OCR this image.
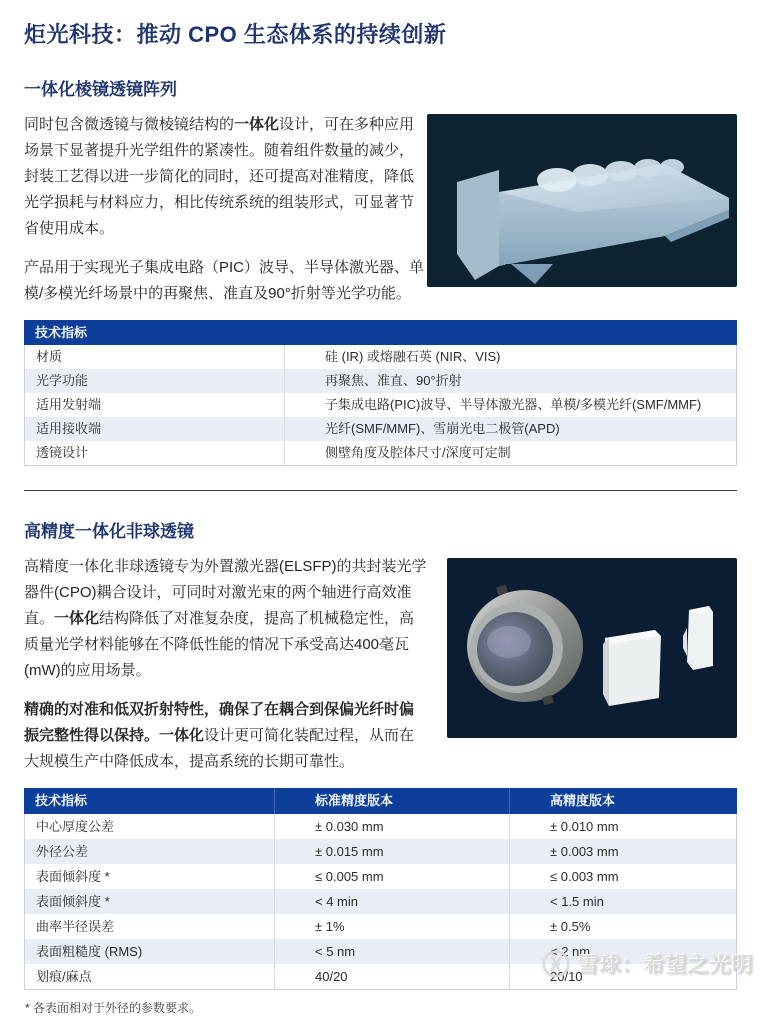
炬光科技：推动 CPO 生态体系的持续创新
一体化棱镜透镜阵列

同时包含微透镜与微棱镜结构的一体化设计，可在多种应用场景下显著提升光学组件的紧凑性。随着组件数量的减少，封装工艺得以进一步简化的同时，还可提高对准精度，降低光学损耗与材料应力，相比传统系统的组装形式，可显著节省使用成本。

产品用于实现光子集成电路（PIC）波导、半导体激光器、单模/多模光纤场景中的再聚焦、准直及90°折射等光学功能。

技术指标
材质	硅 (IR) 或熔融石英 (NIR、VIS)
光学功能	再聚焦、准直、90°折射
适用发射端	子集成电路(PIC)波导、半导体激光器、单模/多模光纤(SMF/MMF)
适用接收端	光纤(SMF/MMF)、雪崩光电二极管(APD)
透镜设计	侧壁角度及腔体尺寸/深度可定制
高精度一体化非球透镜

高精度一体化非球透镜专为外置激光器(ELSFP)的共封装光学器件(CPO)耦合设计，可同时对激光束的两个轴进行高效准直。一体化结构降低了对准复杂度，提高了机械稳定性，高质量光学材料能够在不降低性能的情况下承受高达400毫瓦(mW)的应用场景。

精确的对准和低双折射特性，确保了在耦合到保偏光纤时偏振完整性得以保持。一体化设计更可简化装配过程，从而在大规模生产中降低成本，提高系统的长期可靠性。

技术指标	标准精度版本	高精度版本
中心厚度公差	± 0.030 mm	± 0.010 mm
外径公差	± 0.015 mm	± 0.003 mm
表面倾斜度 *	≤ 0.005 mm	≤ 0.003 mm
表面倾斜度 *	< 4 min	< 1.5 min
曲率半径误差	± 1%	± 0.5%
表面粗糙度 (RMS)	< 5 nm	< 2 nm
划痕/麻点	40/20	20/10

* 各表面相对于外径的参数要求。

雪球：希望之光明
